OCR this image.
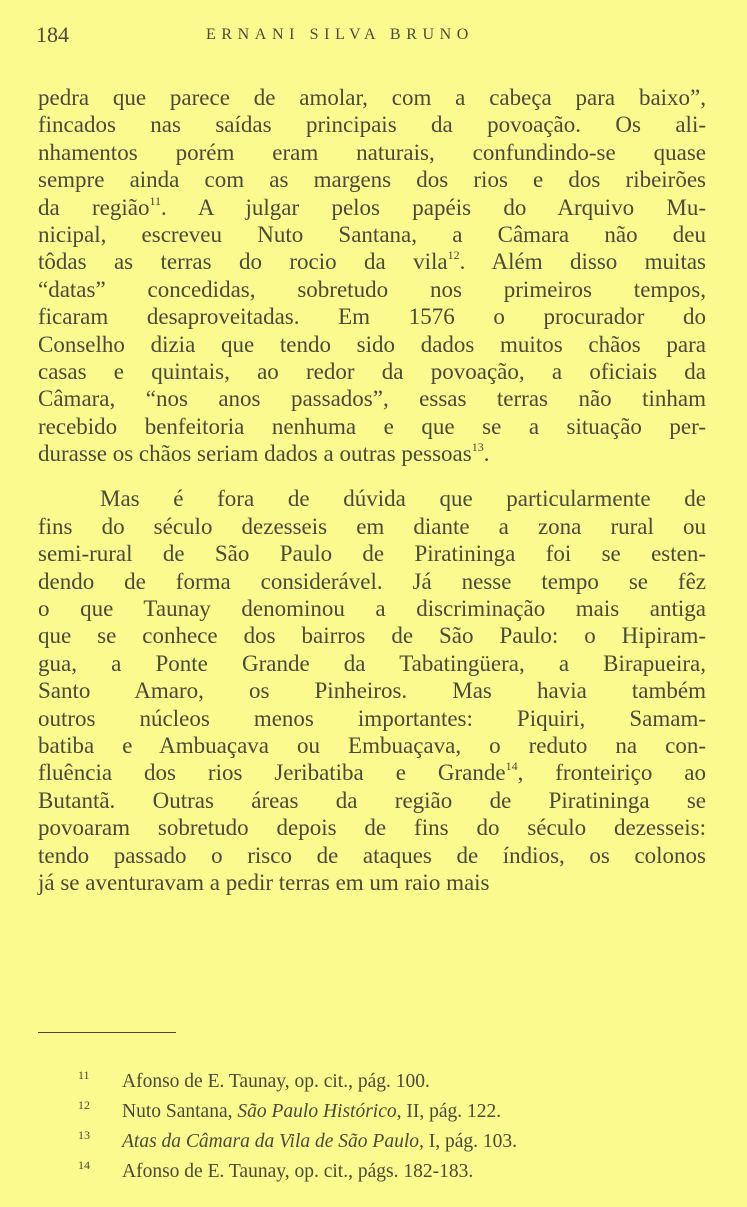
184	ERNANI SILVA BRUNO
pedra que parece de amolar, com a cabeça para baixo”,
fincados nas saídas principais da povoação. Os ali-
nhamentos porém eram naturais, confundindo-se quase
sempre ainda com as margens dos rios e dos ribeirões
da região$^{11}$. A julgar pelos papéis do Arquivo Mu-
nicipal, escreveu Nuto Santana, a Câmara não deu
tôdas as terras do rocio da vila$^{12}$. Além disso muitas
“datas” concedidas, sobretudo nos primeiros tempos,
ficaram desaproveitadas. Em 1576 o procurador do
Conselho dizia que tendo sido dados muitos chãos para
casas e quintais, ao redor da povoação, a oficiais da
Câmara, “nos anos passados”, essas terras não tinham
recebido benfeitoria nenhuma e que se a situação per-
durasse os chãos seriam dados a outras pessoas$^{13}$.
Mas é fora de dúvida que particularmente de
fins do século dezesseis em diante a zona rural ou
semi-rural de São Paulo de Piratininga foi se esten-
dendo de forma considerável. Já nesse tempo se fêz
o que Taunay denominou a discriminação mais antiga
que se conhece dos bairros de São Paulo: o Hipiram-
gua, a Ponte Grande da Tabatingüera, a Birapueira,
Santo Amaro, os Pinheiros. Mas havia também
outros núcleos menos importantes: Piquiri, Samam-
batiba e Ambuaçava ou Embuaçava, o reduto na con-
fluência dos rios Jeribatiba e Grande$^{14}$, fronteiriço ao
Butantã. Outras áreas da região de Piratininga se
povoaram sobretudo depois de fins do século dezesseis:
tendo passado o risco de ataques de índios, os colonos
já se aventuravam a pedir terras em um raio mais
11 Afonso de E. Taunay, op. cit., pág. 100.
12 Nuto Santana, São Paulo Histórico, II, pág. 122.
13 Atas da Câmara da Vila de São Paulo, I, pág. 103.
14 Afonso de E. Taunay, op. cit., págs. 182-183.
